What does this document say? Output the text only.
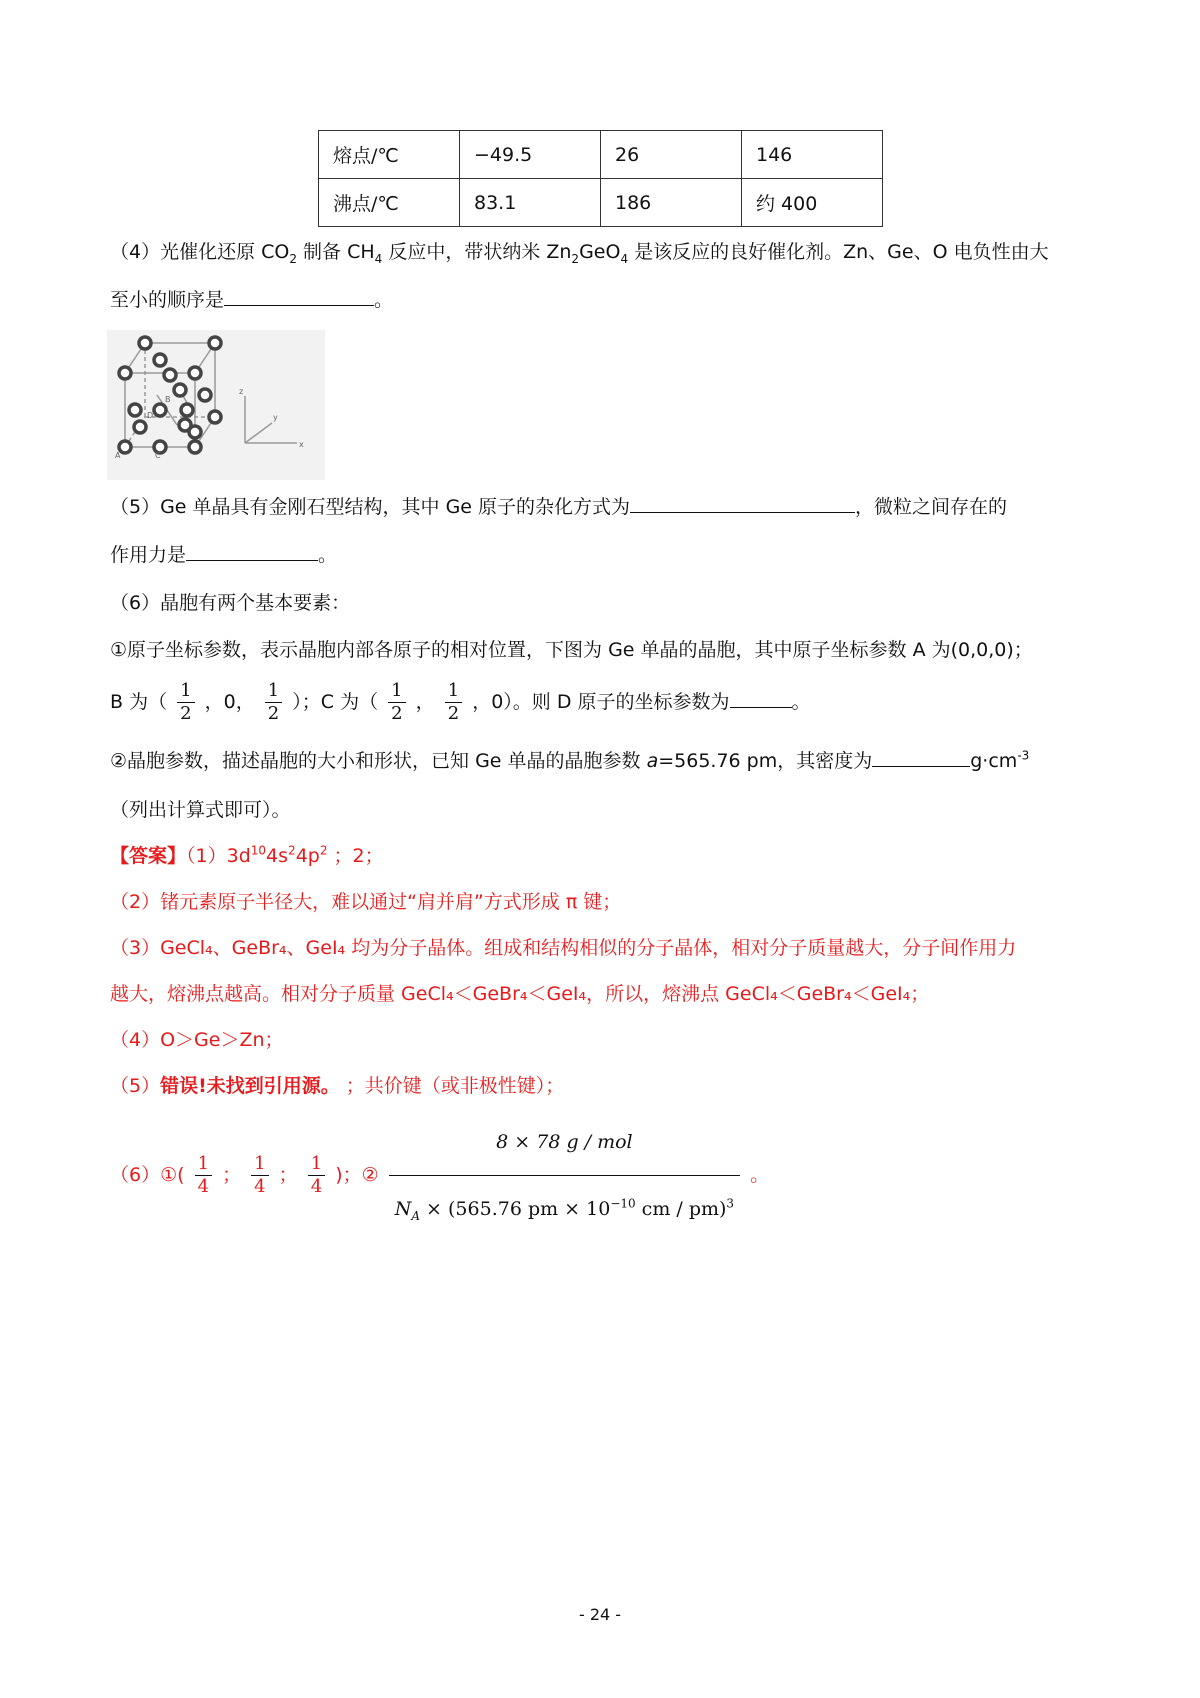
熔点/℃	−49.5	26	146
沸点/℃	83.1	186	约 400
（4）光催化还原 $CO_2$ 制备 $CH_4$ 反应中，带状纳米 $Zn_2GeO_4$ 是该反应的良好催化剂。Zn、Ge、O 电负性由大
至小的顺序是	。
A
B
C
D
x
y
z
（5）Ge 单晶具有金刚石型结构，其中 Ge 原子的杂化方式为	，微粒之间存在的
作用力是	。
（6）晶胞有两个基本要素：
①原子坐标参数，表示晶胞内部各原子的相对位置，下图为 Ge 单晶的晶胞，其中原子坐标参数 A 为(0,0,0)；
B 为（ $\frac{1}{2}$ ，0， $\frac{1}{2}$ ）；C 为（ $\frac{1}{2}$ ， $\frac{1}{2}$ ，0）。则 D 原子的坐标参数为	。
②晶胞参数，描述晶胞的大小和形状，已知 Ge 单晶的晶胞参数 a=565.76 pm，其密度为	$g\cdot cm^{-3}$
（列出计算式即可）。
【答案】$(1)3d^{10}4s^24p^2$ ；2；
（2）锗元素原子半径大，难以通过“肩并肩”方式形成 π 键；
（3）GeCl₄、GeBr₄、GeI₄ 均为分子晶体。组成和结构相似的分子晶体，相对分子质量越大，分子间作用力
越大，熔沸点越高。相对分子质量 GeCl₄＜GeBr₄＜GeI₄，所以，熔沸点 GeCl₄＜GeBr₄＜GeI₄；
（4）O＞Ge＞Zn；
（5）错误!未找到引用源。 ；共价键（或非极性键）；
（6）①( $\frac{1}{4}$ ； $\frac{1}{4}$ ； $\frac{1}{4}$ )；② $\frac{\text{8 × 78 g / mol}}{N_A \times (565.76 pm \times 10^{-10} cm / pm)^3}$ 。
- 24 -
